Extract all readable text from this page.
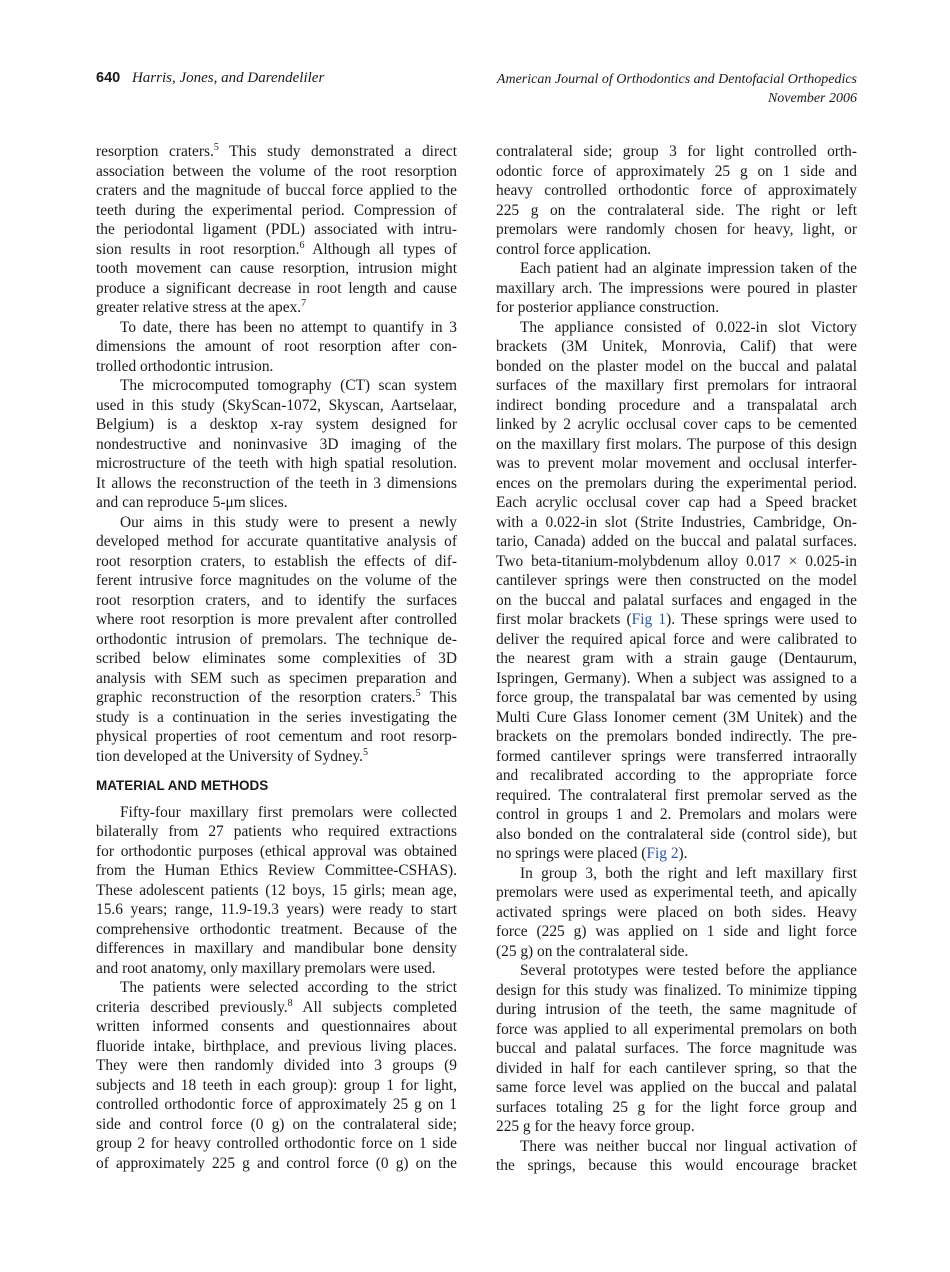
640 Harris, Jones, and Darendeliler	American Journal of Orthodontics and Dentofacial Orthopedics
November 2006
resorption craters.$^5$ This study demonstrated a direct
association between the volume of the root resorption
craters and the magnitude of buccal force applied to the
teeth during the experimental period. Compression of
the periodontal ligament (PDL) associated with intru-
sion results in root resorption.$^6$ Although all types of
tooth movement can cause resorption, intrusion might
produce a significant decrease in root length and cause
greater relative stress at the apex.$^7$
To date, there has been no attempt to quantify in 3
dimensions the amount of root resorption after con-
trolled orthodontic intrusion.
The microcomputed tomography (CT) scan system
used in this study (SkyScan-1072, Skyscan, Aartselaar,
Belgium) is a desktop x-ray system designed for
nondestructive and noninvasive 3D imaging of the
microstructure of the teeth with high spatial resolution.
It allows the reconstruction of the teeth in 3 dimensions
and can reproduce 5-μm slices.
Our aims in this study were to present a newly
developed method for accurate quantitative analysis of
root resorption craters, to establish the effects of dif-
ferent intrusive force magnitudes on the volume of the
root resorption craters, and to identify the surfaces
where root resorption is more prevalent after controlled
orthodontic intrusion of premolars. The technique de-
scribed below eliminates some complexities of 3D
analysis with SEM such as specimen preparation and
graphic reconstruction of the resorption craters.$^5$ This
study is a continuation in the series investigating the
physical properties of root cementum and root resorp-
tion developed at the University of Sydney.$^5$
MATERIAL AND METHODS
Fifty-four maxillary first premolars were collected
bilaterally from 27 patients who required extractions
for orthodontic purposes (ethical approval was obtained
from the Human Ethics Review Committee-CSHAS).
These adolescent patients (12 boys, 15 girls; mean age,
15.6 years; range, 11.9-19.3 years) were ready to start
comprehensive orthodontic treatment. Because of the
differences in maxillary and mandibular bone density
and root anatomy, only maxillary premolars were used.
The patients were selected according to the strict
criteria described previously.$^8$ All subjects completed
written informed consents and questionnaires about
fluoride intake, birthplace, and previous living places.
They were then randomly divided into 3 groups (9
subjects and 18 teeth in each group): group 1 for light,
controlled orthodontic force of approximately 25 g on 1
side and control force (0 g) on the contralateral side;
group 2 for heavy controlled orthodontic force on 1 side
of approximately 225 g and control force (0 g) on the
contralateral side; group 3 for light controlled orth-
odontic force of approximately 25 g on 1 side and
heavy controlled orthodontic force of approximately
225 g on the contralateral side. The right or left
premolars were randomly chosen for heavy, light, or
control force application.
Each patient had an alginate impression taken of the
maxillary arch. The impressions were poured in plaster
for posterior appliance construction.
The appliance consisted of 0.022-in slot Victory
brackets (3M Unitek, Monrovia, Calif) that were
bonded on the plaster model on the buccal and palatal
surfaces of the maxillary first premolars for intraoral
indirect bonding procedure and a transpalatal arch
linked by 2 acrylic occlusal cover caps to be cemented
on the maxillary first molars. The purpose of this design
was to prevent molar movement and occlusal interfer-
ences on the premolars during the experimental period.
Each acrylic occlusal cover cap had a Speed bracket
with a 0.022-in slot (Strite Industries, Cambridge, On-
tario, Canada) added on the buccal and palatal surfaces.
Two beta-titanium-molybdenum alloy 0.017 × 0.025-in
cantilever springs were then constructed on the model
on the buccal and palatal surfaces and engaged in the
first molar brackets (Fig 1). These springs were used to
deliver the required apical force and were calibrated to
the nearest gram with a strain gauge (Dentaurum,
Ispringen, Germany). When a subject was assigned to a
force group, the transpalatal bar was cemented by using
Multi Cure Glass Ionomer cement (3M Unitek) and the
brackets on the premolars bonded indirectly. The pre-
formed cantilever springs were transferred intraorally
and recalibrated according to the appropriate force
required. The contralateral first premolar served as the
control in groups 1 and 2. Premolars and molars were
also bonded on the contralateral side (control side), but
no springs were placed (Fig 2).
In group 3, both the right and left maxillary first
premolars were used as experimental teeth, and apically
activated springs were placed on both sides. Heavy
force (225 g) was applied on 1 side and light force
(25 g) on the contralateral side.
Several prototypes were tested before the appliance
design for this study was finalized. To minimize tipping
during intrusion of the teeth, the same magnitude of
force was applied to all experimental premolars on both
buccal and palatal surfaces. The force magnitude was
divided in half for each cantilever spring, so that the
same force level was applied on the buccal and palatal
surfaces totaling 25 g for the light force group and
225 g for the heavy force group.
There was neither buccal nor lingual activation of
the springs, because this would encourage bracket
